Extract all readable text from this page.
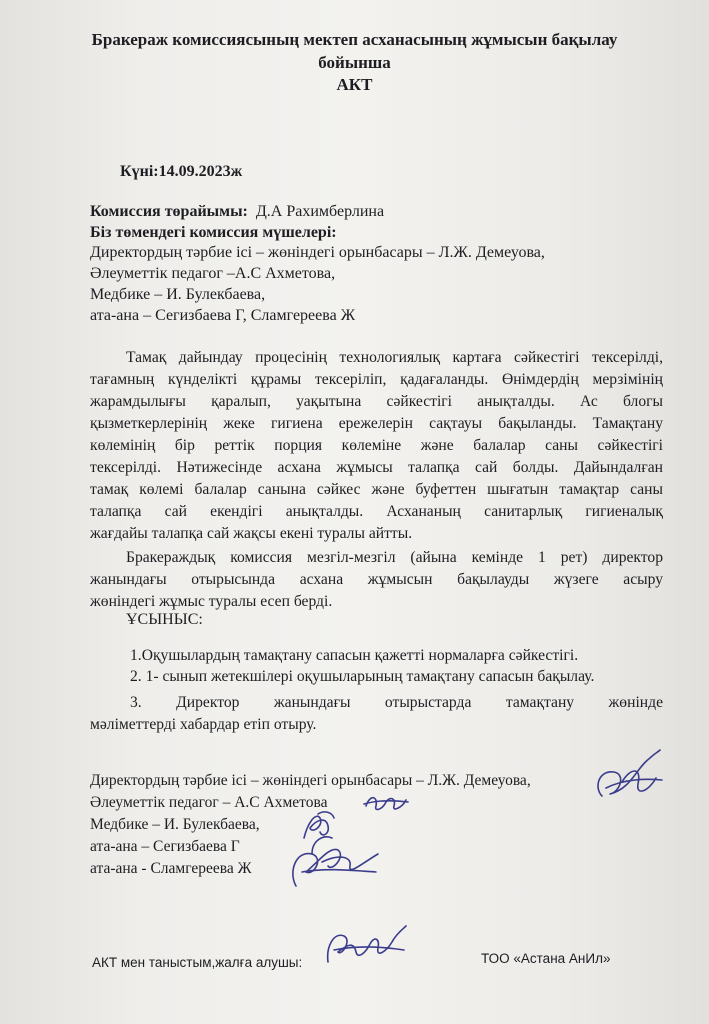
Бракераж комиссиясының мектеп асханасының жұмысын бақылау
бойынша
АКТ
Күні:14.09.2023ж
Комиссия төрайымы: Д.А Рахимберлина
Біз төмендегі комиссия мүшелері:
Директордың тәрбие ісі – жөніндегі орынбасары – Л.Ж. Демеуова,
Әлеуметтік педагог –А.С Ахметова,
Медбике – И. Булекбаева,
ата-ана – Сегизбаева Г, Сламгереева Ж
Тамақ дайындау процесінің технологиялық картаға сәйкестігі тексерілді,
тағамның күнделікті құрамы тексеріліп, қадағаланды. Өнімдердің мерзімінің
жарамдылығы қаралып, уақытына сәйкестігі анықталды. Ас блогы
қызметкерлерінің жеке гигиена ережелерін сақтауы бақыланды. Тамақтану
көлемінің бір реттік порция көлеміне және балалар саны сәйкестігі
тексерілді. Нәтижесінде асхана жұмысы талапқа сай болды. Дайындалған
тамақ көлемі балалар санына сәйкес және буфеттен шығатын тамақтар саны
талапқа сай екендігі анықталды. Асхананың санитарлық гигиеналық
жағдайы талапқа сай жақсы екені туралы айтты.
Бракераждық комиссия мезгіл-мезгіл (айына кемінде 1 рет) директор
жанындағы отырысында асхана жұмысын бақылауды жүзеге асыру
жөніндегі жұмыс туралы есеп берді.
ҰСЫНЫС:
1.Оқушылардың тамақтану сапасын қажетті нормаларға сәйкестігі.
2. 1- сынып жетекшілері оқушыларының тамақтану сапасын бақылау.
3. Директор жанындағы отырыстарда тамақтану жөнінде
мәліметтерді хабардар етіп отыру.
Директордың тәрбие ісі – жөніндегі орынбасары – Л.Ж. Демеуова,
Әлеуметтік педагог – А.С Ахметова
Медбике – И. Булекбаева,
ата-ана – Сегизбаева Г
ата-ана - Сламгереева Ж
АКТ мен таныстым,жалға алушы:	ТОО «Астана АнИл»
